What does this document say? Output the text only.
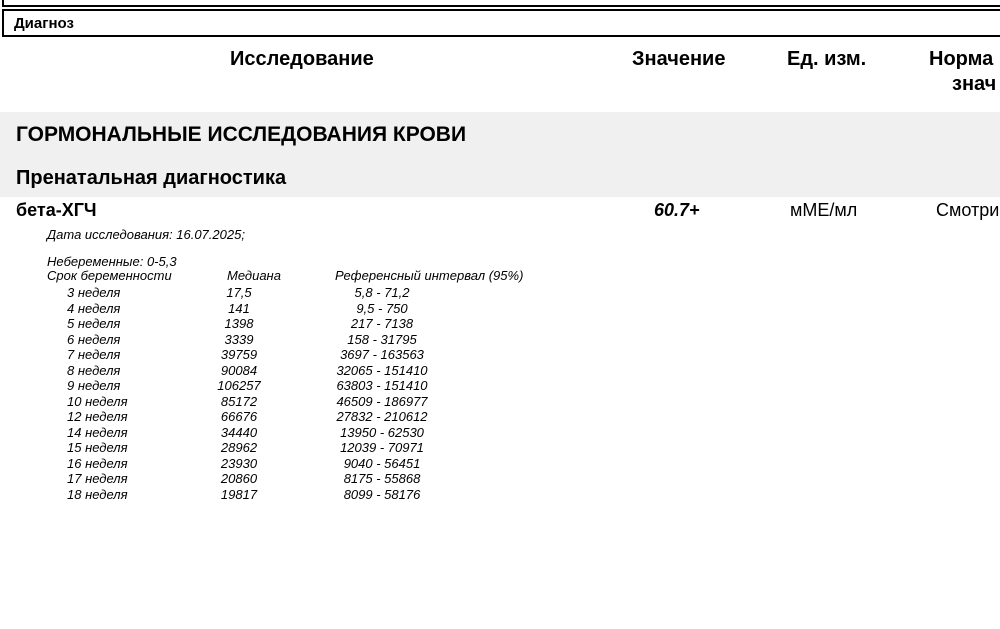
Диагноз
Исследование	Значение	Ед. изм.	Норма
знач
ГОРМОНАЛЬНЫЕ ИССЛЕДОВАНИЯ КРОВИ
Пренатальная диагностика
бета-ХГЧ	60.7+	мМЕ/мл	Смотри
Дата исследования: 16.07.2025;
Небеременные: 0-5,3
Срок беременности	Медиана	Референсный интервал (95%)
3 неделя	17,5	5,8 - 71,2
4 неделя	141	9,5 - 750
5 неделя	1398	217 - 7138
6 неделя	3339	158 - 31795
7 неделя	39759	3697 - 163563
8 неделя	90084	32065 - 151410
9 неделя	106257	63803 - 151410
10 неделя	85172	46509 - 186977
12 неделя	66676	27832 - 210612
14 неделя	34440	13950 - 62530
15 неделя	28962	12039 - 70971
16 неделя	23930	9040 - 56451
17 неделя	20860	8175 - 55868
18 неделя	19817	8099 - 58176
